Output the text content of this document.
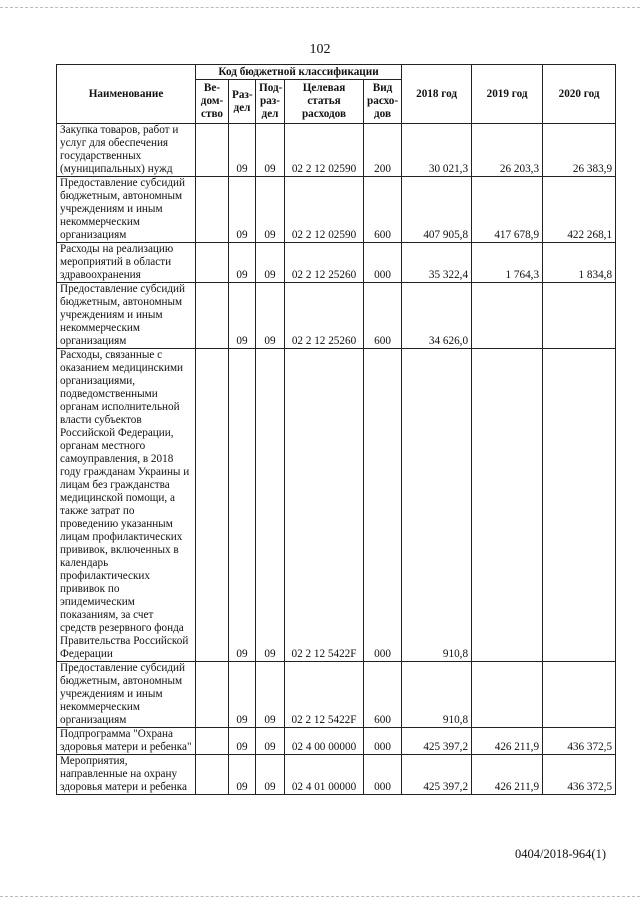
102
Наименование	Код бюджетной классификации					2018 год	2019 год	2020 год
	Ве-дом-ство	Раз-дел	Под-раз-дел	Целевая статья расходов	Вид расхо-дов			
Закупка товаров, работ и услуг для обеспечения государственных (муниципальных) нужд		09	09	02 2 12 02590	200	30 021,3	26 203,3	26 383,9
Предоставление субсидий бюджетным, автономным учреждениям и иным некоммерческим организациям		09	09	02 2 12 02590	600	407 905,8	417 678,9	422 268,1
Расходы на реализацию мероприятий в области здравоохранения		09	09	02 2 12 25260	000	35 322,4	1 764,3	1 834,8
Предоставление субсидий бюджетным, автономным учреждениям и иным некоммерческим организациям		09	09	02 2 12 25260	600	34 626,0		
Расходы, связанные с оказанием медицинскими организациями, подведомственными органам исполнительной власти субъектов Российской Федерации, органам местного самоуправления, в 2018 году гражданам Украины и лицам без гражданства медицинской помощи, а также затрат по проведению указанным лицам профилактических прививок, включенных в календарь профилактических прививок по эпидемическим показаниям, за счет средств резервного фонда Правительства Российской Федерации		09	09	02 2 12 5422F	000	910,8		
Предоставление субсидий бюджетным, автономным учреждениям и иным некоммерческим организациям		09	09	02 2 12 5422F	600	910,8		
Подпрограмма "Охрана здоровья матери и ребенка"		09	09	02 4 00 00000	000	425 397,2	426 211,9	436 372,5
Мероприятия, направленные на охрану здоровья матери и ребенка		09	09	02 4 01 00000	000	425 397,2	426 211,9	436 372,5
0404/2018-964(1)
